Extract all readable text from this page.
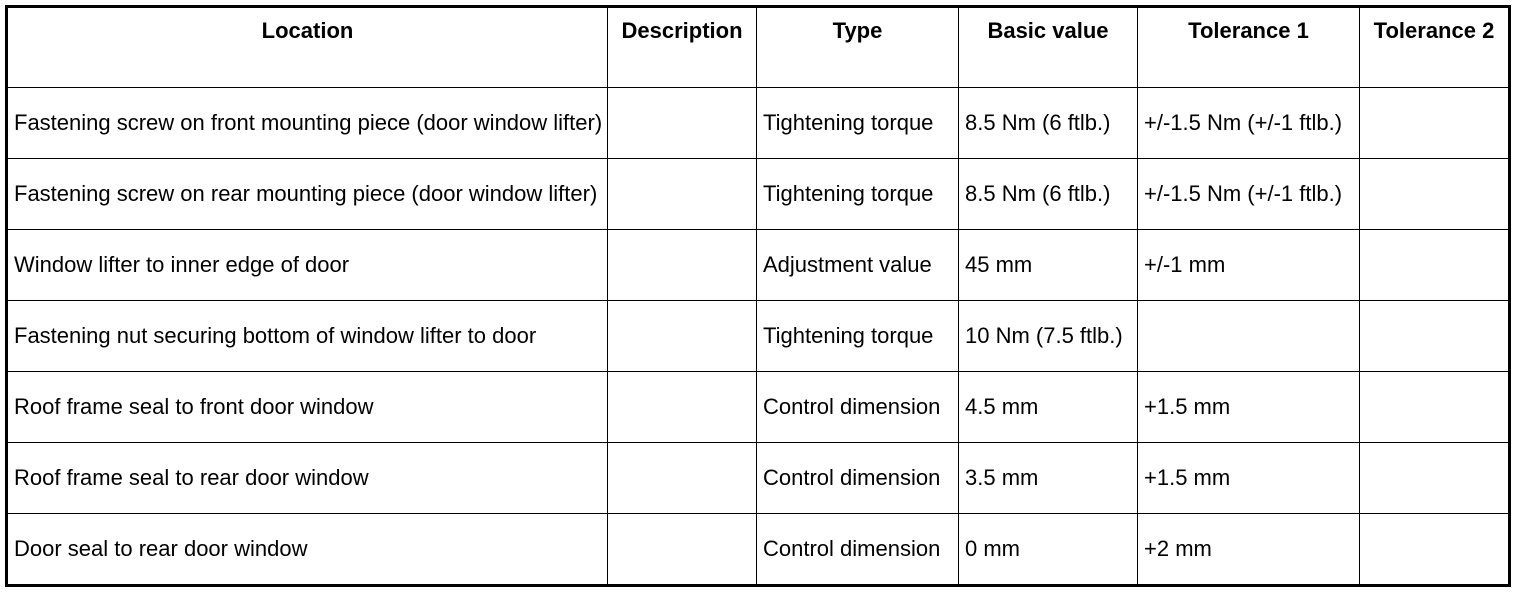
Location	Description	Type	Basic value	Tolerance 1	Tolerance 2
Fastening screw on front mounting piece (door window lifter)		Tightening torque	8.5 Nm (6 ftlb.)	+/-1.5 Nm (+/-1 ftlb.)	
Fastening screw on rear mounting piece (door window lifter)		Tightening torque	8.5 Nm (6 ftlb.)	+/-1.5 Nm (+/-1 ftlb.)	
Window lifter to inner edge of door		Adjustment value	45 mm	+/-1 mm	
Fastening nut securing bottom of window lifter to door		Tightening torque	10 Nm (7.5 ftlb.)		
Roof frame seal to front door window		Control dimension	4.5 mm	+1.5 mm	
Roof frame seal to rear door window		Control dimension	3.5 mm	+1.5 mm	
Door seal to rear door window		Control dimension	0 mm	+2 mm	
